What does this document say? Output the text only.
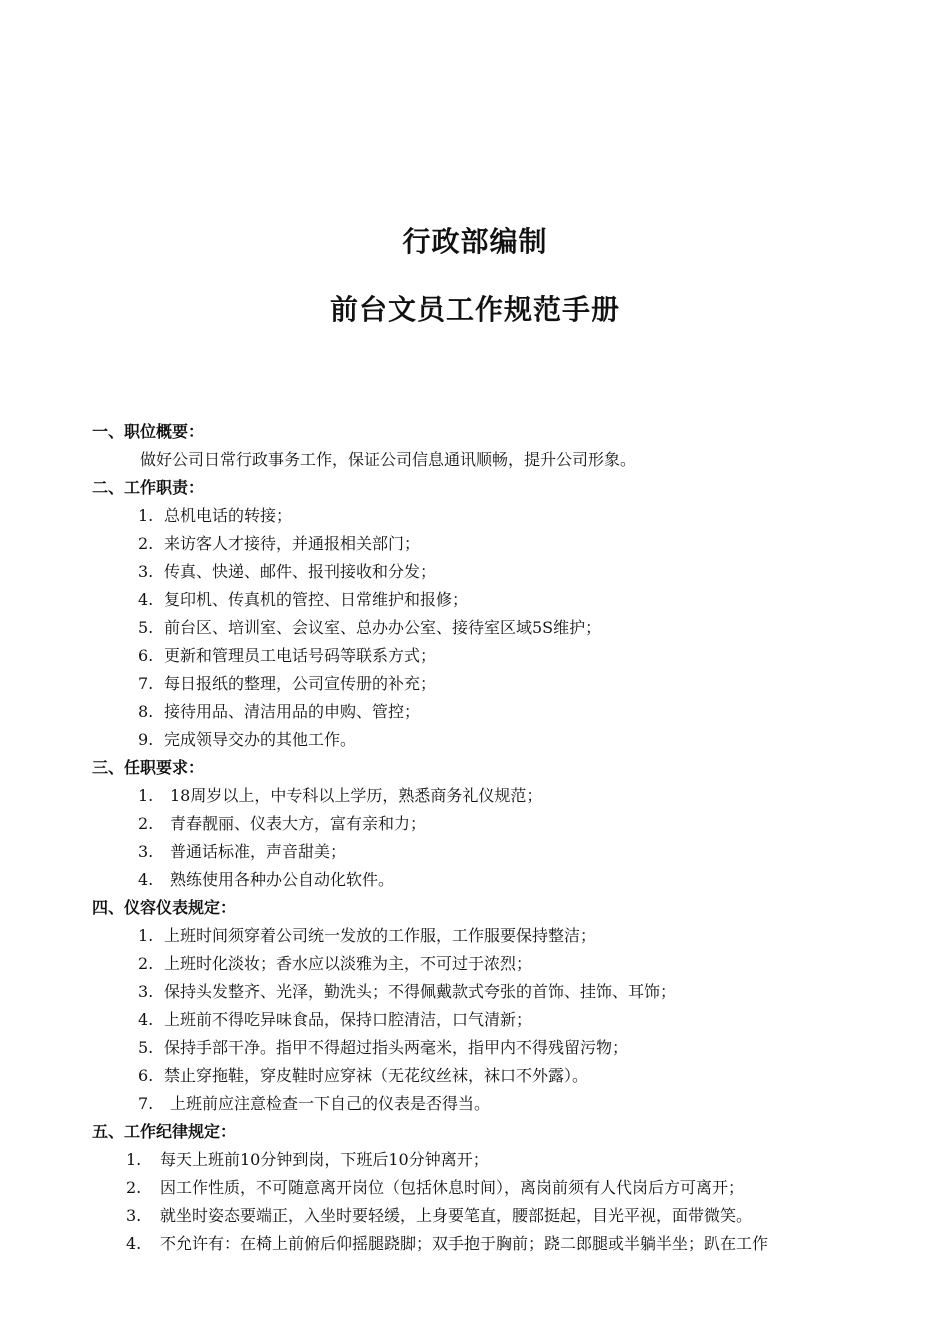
行政部编制
前台文员工作规范手册
一、职位概要：
做好公司日常行政事务工作，保证公司信息通讯顺畅，提升公司形象。
二、工作职责：
1. 总机电话的转接；
2. 来访客人才接待，并通报相关部门；
3. 传真、快递、邮件、报刊接收和分发；
4. 复印机、传真机的管控、日常维护和报修；
5. 前台区、培训室、会议室、总办办公室、接待室区域5S维护；
6. 更新和管理员工电话号码等联系方式；
7. 每日报纸的整理，公司宣传册的补充；
8. 接待用品、清洁用品的申购、管控；
9. 完成领导交办的其他工作。
三、任职要求：
1.	18周岁以上，中专科以上学历，熟悉商务礼仪规范；
2.	青春靓丽、仪表大方，富有亲和力；
3.	普通话标准，声音甜美；
4.	熟练使用各种办公自动化软件。
四、仪容仪表规定：
1. 上班时间须穿着公司统一发放的工作服，工作服要保持整洁；
2. 上班时化淡妆；香水应以淡雅为主，不可过于浓烈；
3. 保持头发整齐、光泽，勤洗头；不得佩戴款式夸张的首饰、挂饰、耳饰；
4. 上班前不得吃异味食品，保持口腔清洁，口气清新；
5. 保持手部干净。指甲不得超过指头两毫米，指甲内不得残留污物；
6. 禁止穿拖鞋，穿皮鞋时应穿袜（无花纹丝袜，袜口不外露）。
7.	上班前应注意检查一下自己的仪表是否得当。
五、工作纪律规定：
1.	每天上班前10分钟到岗，下班后10分钟离开；
2.	因工作性质，不可随意离开岗位（包括休息时间），离岗前须有人代岗后方可离开；
3.	就坐时姿态要端正，入坐时要轻缓，上身要笔直，腰部挺起，目光平视，面带微笑。
4.	不允许有：在椅上前俯后仰摇腿跷脚；双手抱于胸前；跷二郎腿或半躺半坐；趴在工作
